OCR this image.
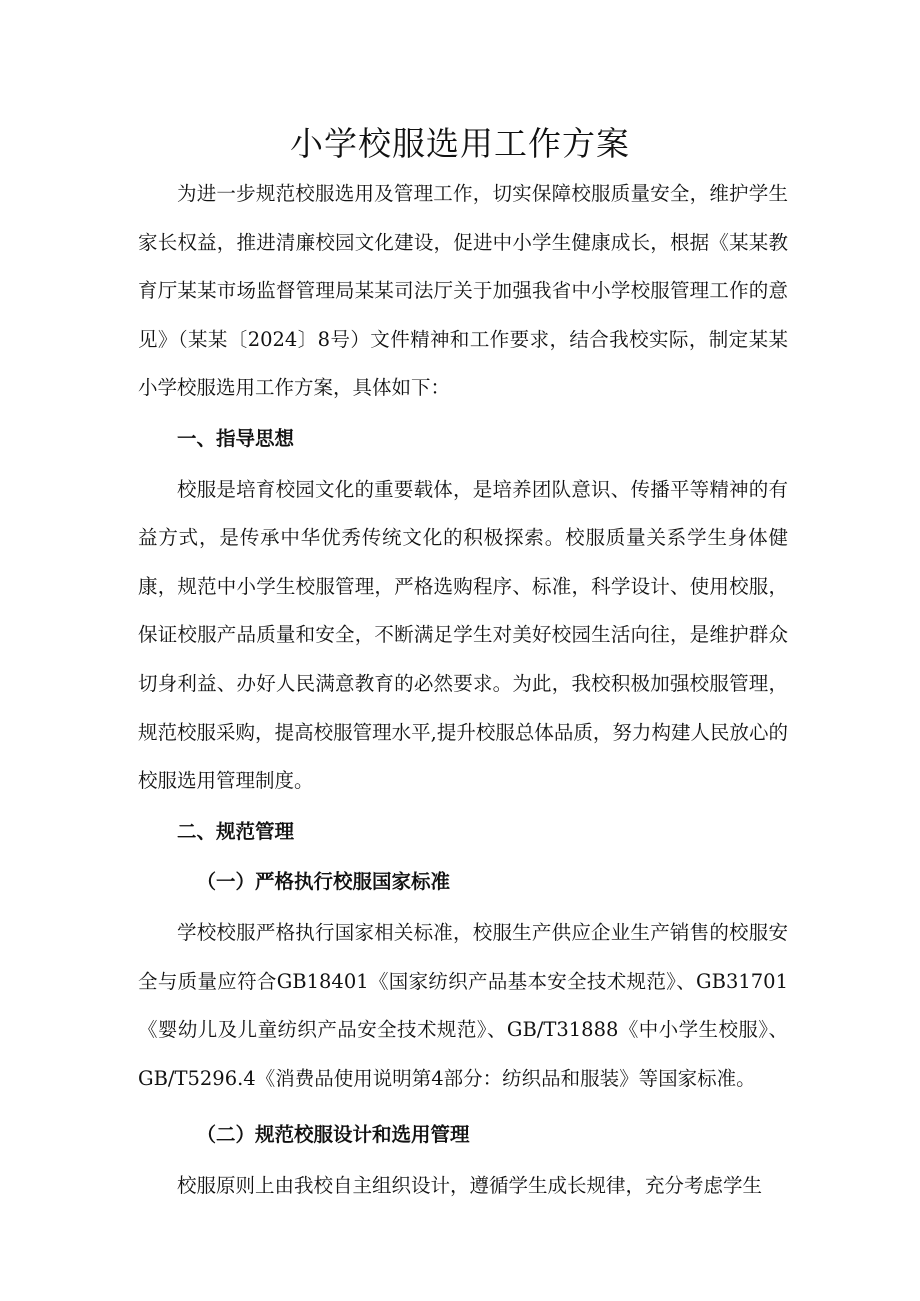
小学校服选用工作方案

为进一步规范校服选用及管理工作，切实保障校服质量安全，维护学生家长权益，推进清廉校园文化建设，促进中小学生健康成长，根据《某某教育厅某某市场监督管理局某某司法厅关于加强我省中小学校服管理工作的意见》（某某〔2024〕8号）文件精神和工作要求，结合我校实际，制定某某小学校服选用工作方案，具体如下：

一、指导思想

校服是培育校园文化的重要载体，是培养团队意识、传播平等精神的有益方式，是传承中华优秀传统文化的积极探索。校服质量关系学生身体健康，规范中小学生校服管理，严格选购程序、标准，科学设计、使用校服，保证校服产品质量和安全，不断满足学生对美好校园生活向往，是维护群众切身利益、办好人民满意教育的必然要求。为此，我校积极加强校服管理，规范校服采购，提高校服管理水平,提升校服总体品质，努力构建人民放心的校服选用管理制度。

二、规范管理

（一）严格执行校服国家标准

学校校服严格执行国家相关标准，校服生产供应企业生产销售的校服安全与质量应符合GB18401《国家纺织产品基本安全技术规范》、GB31701《婴幼儿及儿童纺织产品安全技术规范》、GB/T31888《中小学生校服》、GB/T5296.4《消费品使用说明第4部分：纺织品和服装》等国家标准。

（二）规范校服设计和选用管理

校服原则上由我校自主组织设计，遵循学生成长规律，充分考虑学生
